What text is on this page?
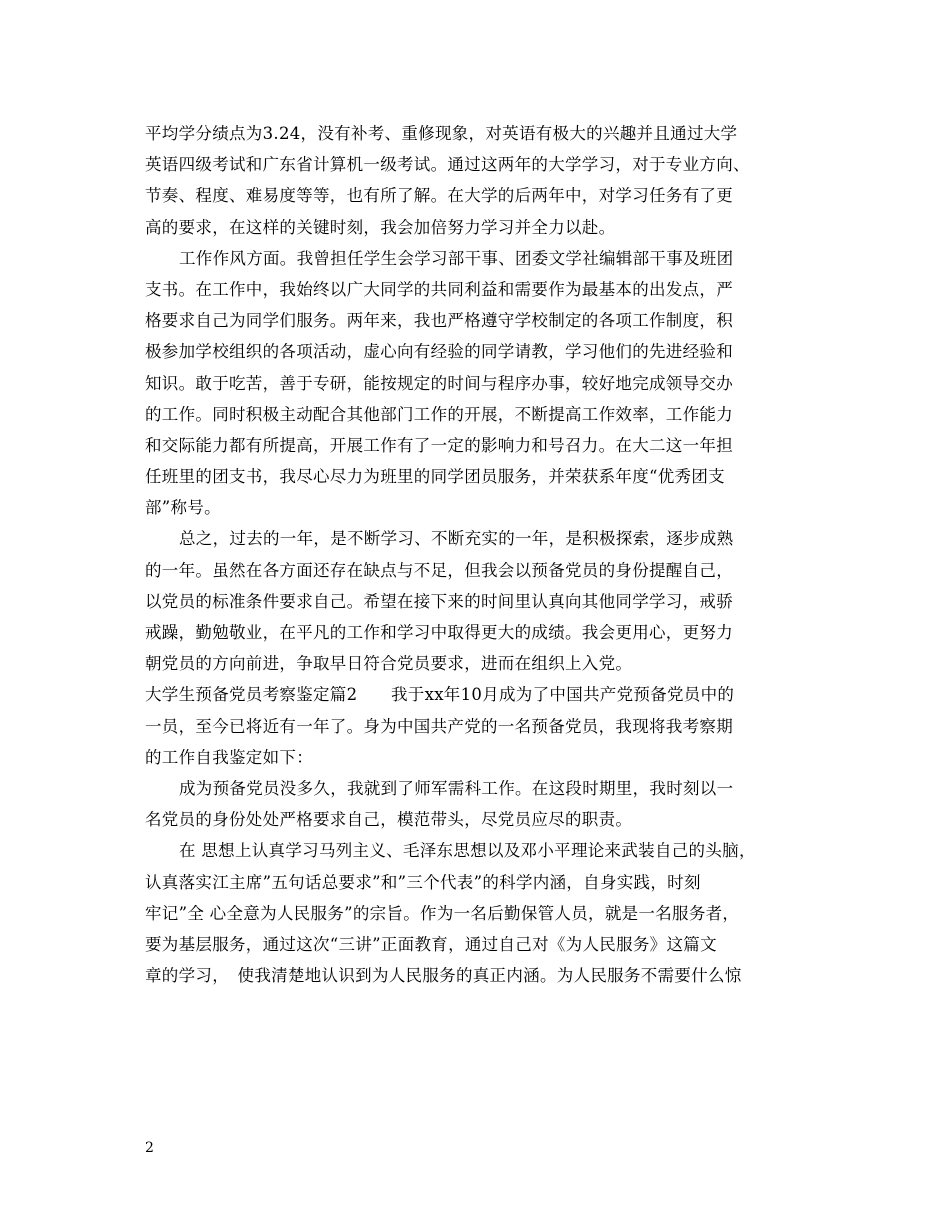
平均学分绩点为3.24，没有补考、重修现象，对英语有极大的兴趣并且通过大学
英语四级考试和广东省计算机一级考试。通过这两年的大学学习，对于专业方向、
节奏、程度、难易度等等，也有所了解。在大学的后两年中，对学习任务有了更
高的要求，在这样的关键时刻，我会加倍努力学习并全力以赴。
工作作风方面。我曾担任学生会学习部干事、团委文学社编辑部干事及班团
支书。在工作中，我始终以广大同学的共同利益和需要作为最基本的出发点，严
格要求自己为同学们服务。两年来，我也严格遵守学校制定的各项工作制度，积
极参加学校组织的各项活动，虚心向有经验的同学请教，学习他们的先进经验和
知识。敢于吃苦，善于专研，能按规定的时间与程序办事，较好地完成领导交办
的工作。同时积极主动配合其他部门工作的开展，不断提高工作效率，工作能力
和交际能力都有所提高，开展工作有了一定的影响力和号召力。在大二这一年担
任班里的团支书，我尽心尽力为班里的同学团员服务，并荣获系年度“优秀团支
部”称号。
总之，过去的一年，是不断学习、不断充实的一年，是积极探索，逐步成熟
的一年。虽然在各方面还存在缺点与不足，但我会以预备党员的身份提醒自己，
以党员的标准条件要求自己。希望在接下来的时间里认真向其他同学学习，戒骄
戒躁，勤勉敬业，在平凡的工作和学习中取得更大的成绩。我会更用心，更努力
朝党员的方向前进，争取早日符合党员要求，进而在组织上入党。
大学生预备党员考察鉴定篇2　　我于xx年10月成为了中国共产党预备党员中的
一员，至今已将近有一年了。身为中国共产党的一名预备党员，我现将我考察期
的工作自我鉴定如下：
成为预备党员没多久，我就到了师军需科工作。在这段时期里，我时刻以一
名党员的身份处处严格要求自己，模范带头，尽党员应尽的职责。
在 思想上认真学习马列主义、毛泽东思想以及邓小平理论来武装自己的头脑，
认真落实江主席”五句话总要求”和”三个代表”的科学内涵，自身实践，时刻
牢记”全 心全意为人民服务”的宗旨。作为一名后勤保管人员，就是一名服务者，
要为基层服务，通过这次“三讲”正面教育，通过自己对《为人民服务》这篇文
章的学习，　使我清楚地认识到为人民服务的真正内涵。为人民服务不需要什么惊
2
